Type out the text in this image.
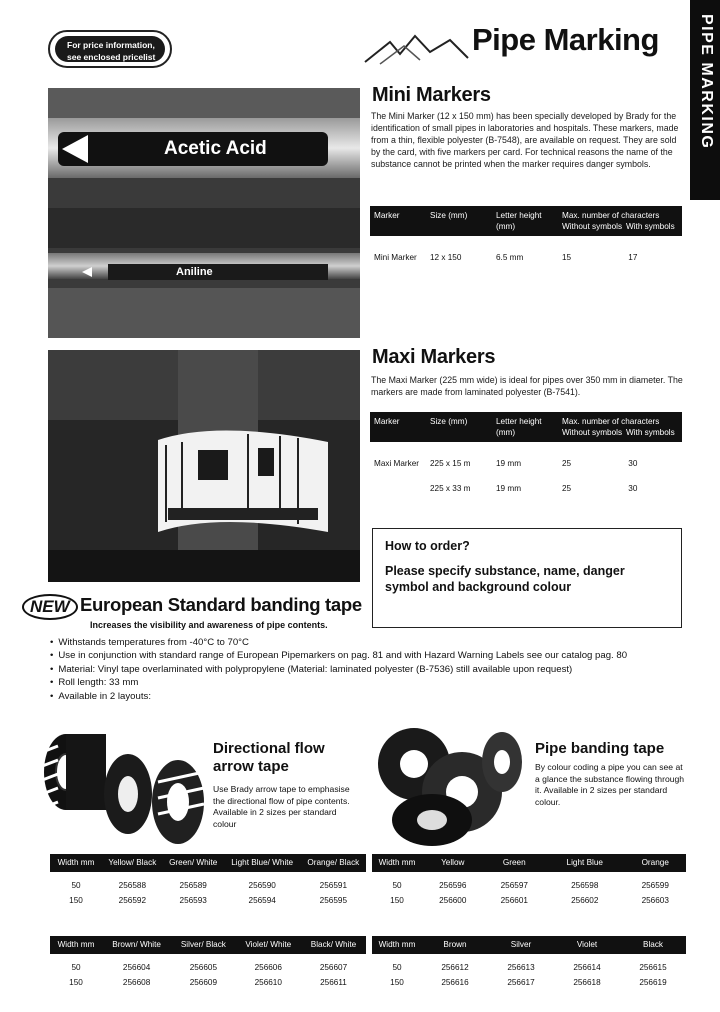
For price information,
see enclosed pricelist	Pipe Marking PIPE MARKING
Acetic Acid
Aniline
Mini Markers
The Mini Marker (12 x 150 mm) has been specially developed by Brady for the identification of small pipes in laboratories and hospitals. These markers, made from a thin, flexible polyester (B-7548), are available on request. They are sold by the card, with five markers per card. For technical reasons the name of the substance cannot be printed when the marker requires danger symbols.
Marker	Size (mm)	Letter height (mm)	Max. number of characters
Without symbols With symbols

Mini Marker	12 x 150	6.5 mm	15 17
Maxi Markers
The Maxi Marker (225 mm wide) is ideal for pipes over 350 mm in diameter. The markers are made from laminated polyester (B-7541).
Marker	Size (mm)	Letter height (mm)	Max. number of characters
Without symbols With symbols

Maxi Marker	225 x 15 m	19 mm	25 30
	225 x 33 m	19 mm	25 30
How to order?
Please specify substance, name, danger symbol and background colour
NEW European Standard banding tape
Increases the visibility and awareness of pipe contents.
• Withstands temperatures from -40°C to 70°C
• Use in conjunction with standard range of European Pipemarkers on pag. 81 and with Hazard Warning Labels see our catalog pag. 80
• Material: Vinyl tape overlaminated with polypropylene (Material: laminated polyester (B-7536) still available upon request)
• Roll length: 33 mm
• Available in 2 layouts:
Directional flow
arrow tape
Use Brady arrow tape to emphasise the directional flow of pipe contents. Available in 2 sizes per standard colour
Pipe banding tape
By colour coding a pipe you can see at a glance the substance flowing through it. Available in 2 sizes per standard colour.
Width mm	Yellow/ Black	Green/ White	Light Blue/ White	Orange/ Black
50	256588	256589	256590	256591
150	256592	256593	256594	256595
Width mm	Brown/ White	Silver/ Black	Violet/ White	Black/ White
50	256604	256605	256606	256607
150	256608	256609	256610	256611
Width mm	Yellow	Green	Light Blue	Orange
50	256596	256597	256598	256599
150	256600	256601	256602	256603
Width mm	Brown	Silver	Violet	Black
50	256612	256613	256614	256615
150	256616	256617	256618	256619
